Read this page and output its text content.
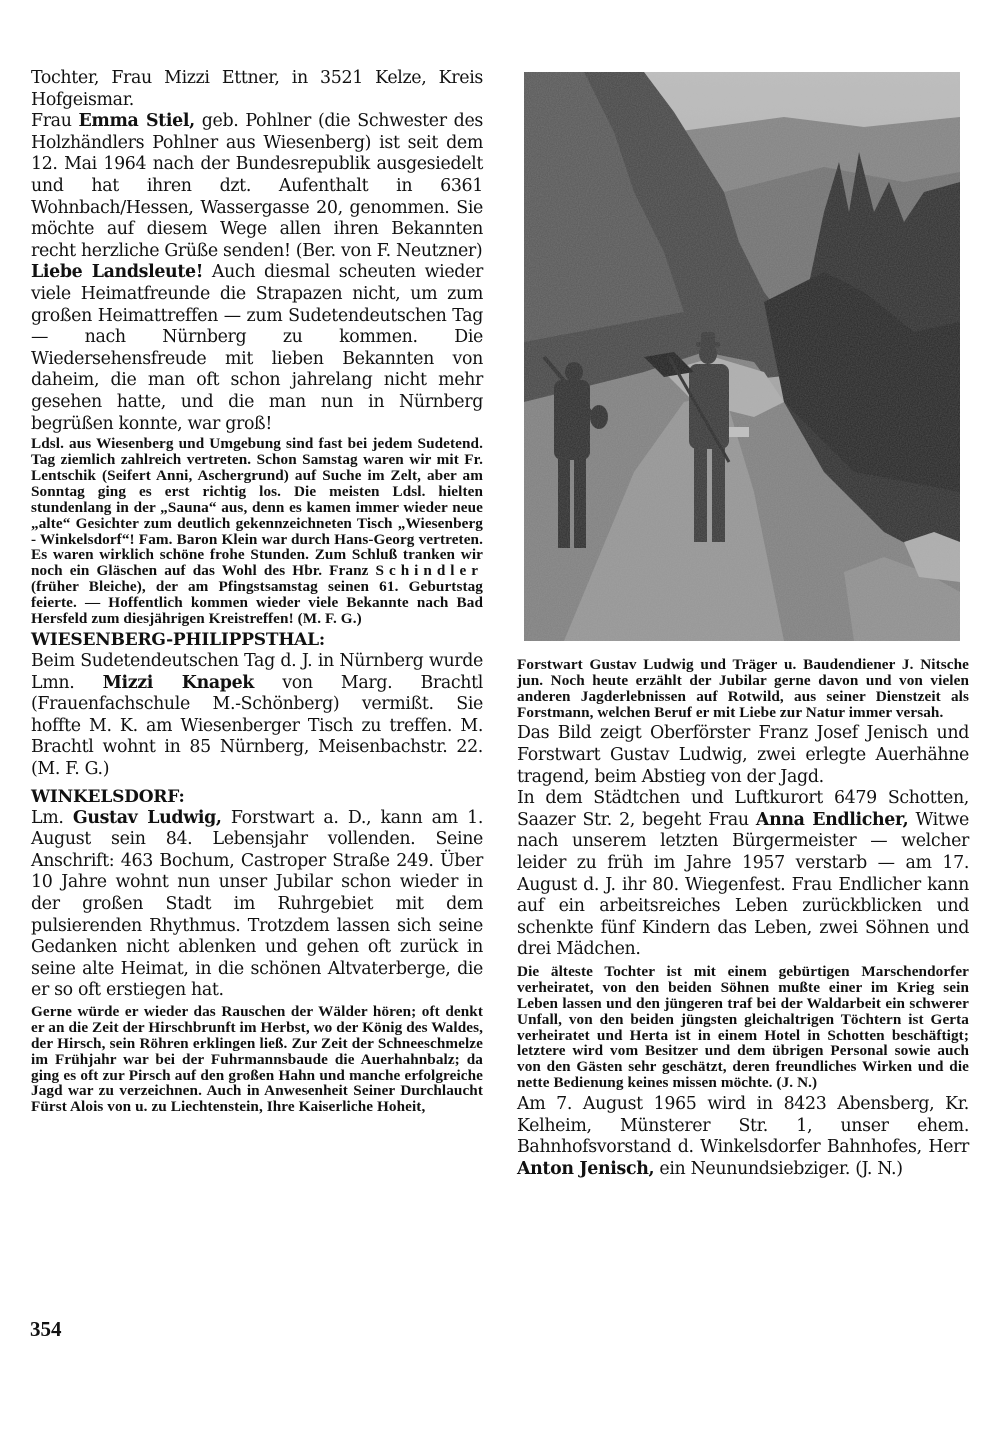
Tochter, Frau Mizzi Ettner, in 3521 Kelze, Kreis Hofgeismar.

Frau Emma Stiel, geb. Pohlner (die Schwester des Holzhändlers Pohlner aus Wiesenberg) ist seit dem 12. Mai 1964 nach der Bundesrepublik ausgesiedelt und hat ihren dzt. Aufenthalt in 6361 Wohnbach/Hessen, Wassergasse 20, genommen. Sie möchte auf diesem Wege allen ihren Bekannten recht herzliche Grüße senden! (Ber. von F. Neutzner)

Liebe Landsleute! Auch diesmal scheuten wieder viele Heimatfreunde die Strapazen nicht, um zum großen Heimattreffen — zum Sudetendeutschen Tag — nach Nürnberg zu kommen. Die Wiedersehensfreude mit lieben Bekannten von daheim, die man oft schon jahrelang nicht mehr gesehen hatte, und die man nun in Nürnberg begrüßen konnte, war groß!

Ldsl. aus Wiesenberg und Umgebung sind fast bei jedem Sudetend. Tag ziemlich zahlreich vertreten. Schon Samstag waren wir mit Fr. Lentschik (Seifert Anni, Aschergrund) auf Suche im Zelt, aber am Sonntag ging es erst richtig los. Die meisten Ldsl. hielten stundenlang in der „Sauna“ aus, denn es kamen immer wieder neue „alte“ Gesichter zum deutlich gekennzeichneten Tisch „Wiesenberg - Winkelsdorf“! Fam. Baron Klein war durch Hans-Georg vertreten. Es waren wirklich schöne frohe Stunden. Zum Schluß tranken wir noch ein Gläschen auf das Wohl des Hbr. Franz Schindler (früher Bleiche), der am Pfingstsamstag seinen 61. Geburtstag feierte. — Hoffentlich kommen wieder viele Bekannte nach Bad Hersfeld zum diesjährigen Kreistreffen! (M. F. G.)

WIESENBERG-PHILIPPSTHAL:

Beim Sudetendeutschen Tag d. J. in Nürnberg wurde Lmn. Mizzi Knapek von Marg. Brachtl (Frauenfachschule M.-Schönberg) vermißt. Sie hoffte M. K. am Wiesenberger Tisch zu treffen. M. Brachtl wohnt in 85 Nürnberg, Meisenbachstr. 22. (M. F. G.)

WINKELSDORF:

Lm. Gustav Ludwig, Forstwart a. D., kann am 1. August sein 84. Lebensjahr vollenden. Seine Anschrift: 463 Bochum, Castroper Straße 249. Über 10 Jahre wohnt nun unser Jubilar schon wieder in der großen Stadt im Ruhrgebiet mit dem pulsierenden Rhythmus. Trotzdem lassen sich seine Gedanken nicht ablenken und gehen oft zurück in seine alte Heimat, in die schönen Altvaterberge, die er so oft erstiegen hat.

Gerne würde er wieder das Rauschen der Wälder hören; oft denkt er an die Zeit der Hirschbrunft im Herbst, wo der König des Waldes, der Hirsch, sein Röhren erklingen ließ. Zur Zeit der Schneeschmelze im Frühjahr war bei der Fuhrmannsbaude die Auerhahnbalz; da ging es oft zur Pirsch auf den großen Hahn und manche erfolgreiche Jagd war zu verzeichnen. Auch in Anwesenheit Seiner Durchlaucht Fürst Alois von u. zu Liechtenstein, Ihre Kaiserliche Hoheit,

354

Forstwart Gustav Ludwig und Träger u. Baudendiener J. Nitsche jun. Noch heute erzählt der Jubilar gerne davon und von vielen anderen Jagderlebnissen auf Rotwild, aus seiner Dienstzeit als Forstmann, welchen Beruf er mit Liebe zur Natur immer versah.

Das Bild zeigt Oberförster Franz Josef Jenisch und Forstwart Gustav Ludwig, zwei erlegte Auerhähne tragend, beim Abstieg von der Jagd.

In dem Städtchen und Luftkurort 6479 Schotten, Saazer Str. 2, begeht Frau Anna Endlicher, Witwe nach unserem letzten Bürgermeister — welcher leider zu früh im Jahre 1957 verstarb — am 17. August d. J. ihr 80. Wiegenfest. Frau Endlicher kann auf ein arbeitsreiches Leben zurückblicken und schenkte fünf Kindern das Leben, zwei Söhnen und drei Mädchen.

Die älteste Tochter ist mit einem gebürtigen Marschendorfer verheiratet, von den beiden Söhnen mußte einer im Krieg sein Leben lassen und den jüngeren traf bei der Waldarbeit ein schwerer Unfall, von den beiden jüngsten gleichaltrigen Töchtern ist Gerta verheiratet und Herta ist in einem Hotel in Schotten beschäftigt; letztere wird vom Besitzer und dem übrigen Personal sowie auch von den Gästen sehr geschätzt, deren freundliches Wirken und die nette Bedienung keines missen möchte. (J. N.)

Am 7. August 1965 wird in 8423 Abensberg, Kr. Kelheim, Münsterer Str. 1, unser ehem. Bahnhofsvorstand d. Winkelsdorfer Bahnhofes, Herr Anton Jenisch, ein Neunundsiebziger. (J. N.)
